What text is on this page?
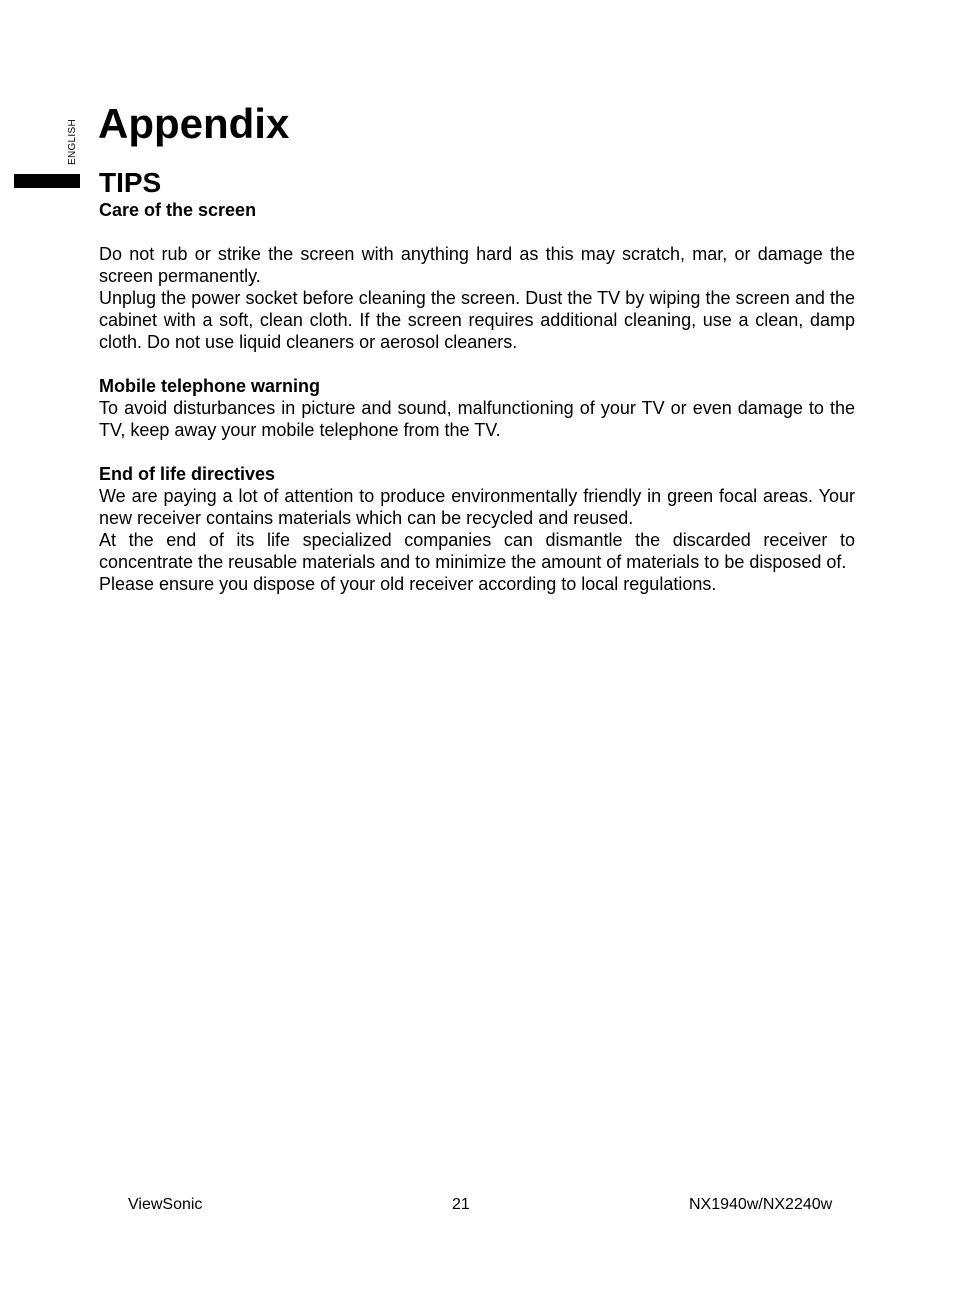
ENGLISH Appendix
TIPS
Care of the screen

Do not rub or strike the screen with anything hard as this may scratch, mar, or damage the screen permanently.

Unplug the power socket before cleaning the screen. Dust the TV by wiping the screen and the cabinet with a soft, clean cloth. If the screen requires additional cleaning, use a clean, damp cloth. Do not use liquid cleaners or aerosol cleaners.

Mobile telephone warning

To avoid disturbances in picture and sound, malfunctioning of your TV or even damage to the TV, keep away your mobile telephone from the TV.

End of life directives

We are paying a lot of attention to produce environmentally friendly in green focal areas. Your new receiver contains materials which can be recycled and reused.

At the end of its life specialized companies can dismantle the discarded receiver to concentrate the reusable materials and to minimize the amount of materials to be disposed of.

Please ensure you dispose of your old receiver according to local regulations.

ViewSonic	21	NX1940w/NX2240w
